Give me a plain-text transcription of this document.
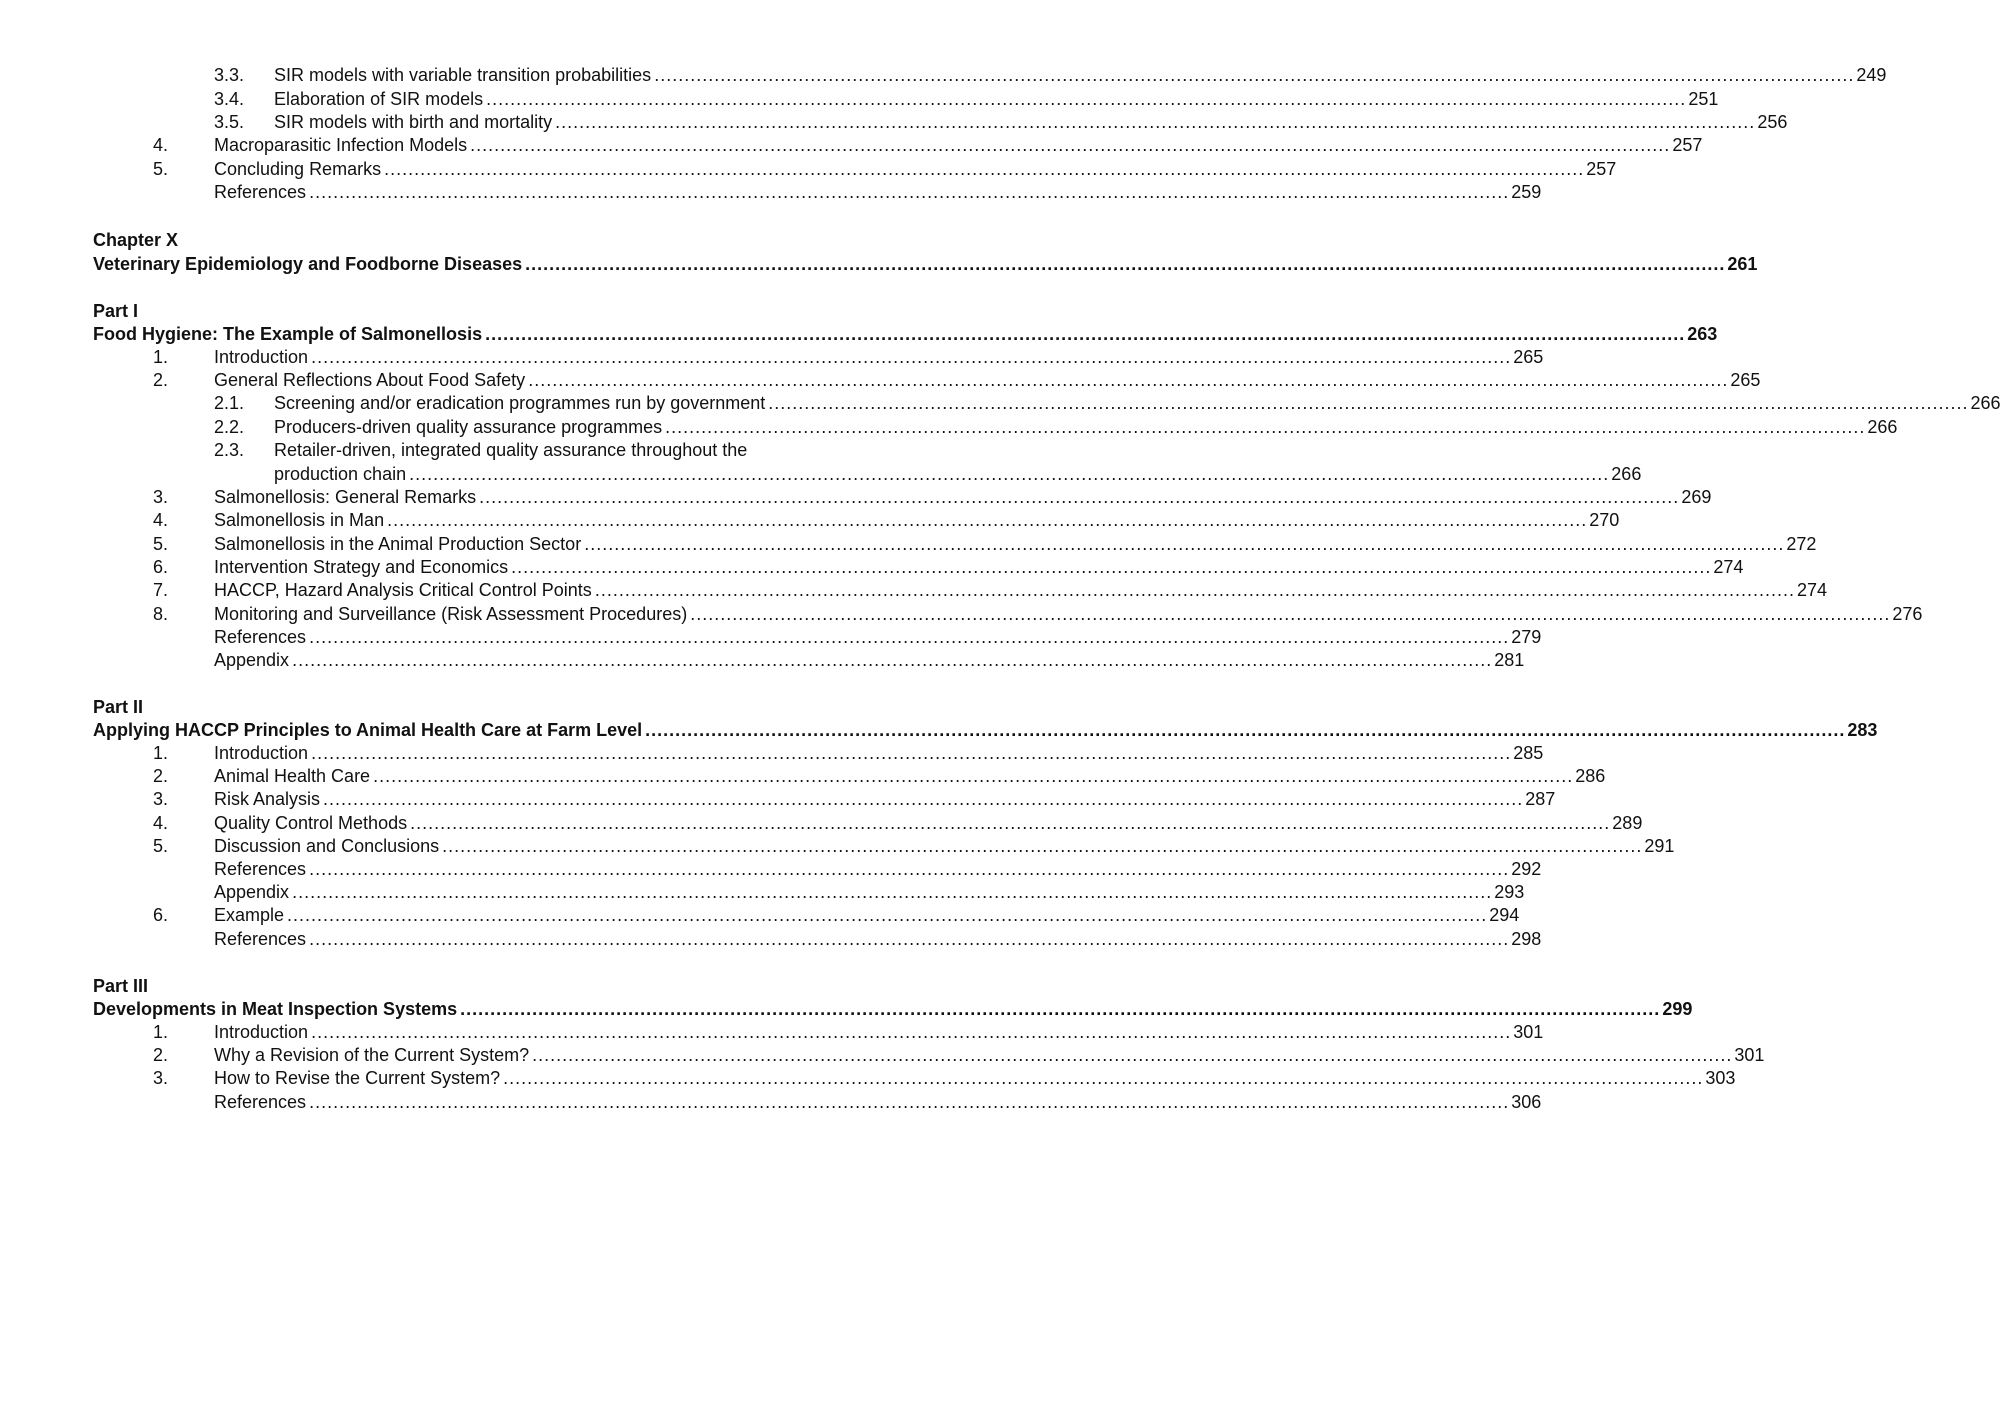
3.3. SIR models with variable transition probabilities ........................................................................................................................................................................................................ 249
3.4. Elaboration of SIR models ........................................................................................................................................................................................................ 251
3.5. SIR models with birth and mortality ........................................................................................................................................................................................................ 256
4.	Macroparasitic Infection Models ........................................................................................................................................................................................................ 257
5.	Concluding Remarks ........................................................................................................................................................................................................ 257
References ........................................................................................................................................................................................................ 259
Chapter X
Veterinary Epidemiology and Foodborne Diseases ........................................................................................................................................................................................................ 261
Part I
Food Hygiene: The Example of Salmonellosis ........................................................................................................................................................................................................ 263
1.	Introduction ........................................................................................................................................................................................................ 265
2.	General Reflections About Food Safety ........................................................................................................................................................................................................ 265
2.1. Screening and/or eradication programmes run by government ........................................................................................................................................................................................................ 266
2.2. Producers-driven quality assurance programmes ........................................................................................................................................................................................................ 266
2.3. Retailer-driven, integrated quality assurance throughout the
production chain ........................................................................................................................................................................................................ 266
3.	Salmonellosis: General Remarks ........................................................................................................................................................................................................ 269
4.	Salmonellosis in Man ........................................................................................................................................................................................................ 270
5.	Salmonellosis in the Animal Production Sector ........................................................................................................................................................................................................ 272
6.	Intervention Strategy and Economics ........................................................................................................................................................................................................ 274
7.	HACCP, Hazard Analysis Critical Control Points ........................................................................................................................................................................................................ 274
8.	Monitoring and Surveillance (Risk Assessment Procedures) ........................................................................................................................................................................................................ 276
References ........................................................................................................................................................................................................ 279
Appendix ........................................................................................................................................................................................................ 281
Part II
Applying HACCP Principles to Animal Health Care at Farm Level ........................................................................................................................................................................................................ 283
1.	Introduction ........................................................................................................................................................................................................ 285
2.	Animal Health Care ........................................................................................................................................................................................................ 286
3.	Risk Analysis ........................................................................................................................................................................................................ 287
4.	Quality Control Methods ........................................................................................................................................................................................................ 289
5.	Discussion and Conclusions ........................................................................................................................................................................................................ 291
References ........................................................................................................................................................................................................ 292
Appendix ........................................................................................................................................................................................................ 293
6.	Example ........................................................................................................................................................................................................ 294
References ........................................................................................................................................................................................................ 298
Part III
Developments in Meat Inspection Systems ........................................................................................................................................................................................................ 299
1.	Introduction ........................................................................................................................................................................................................ 301
2.	Why a Revision of the Current System? ........................................................................................................................................................................................................ 301
3.	How to Revise the Current System? ........................................................................................................................................................................................................ 303
References ........................................................................................................................................................................................................ 306
